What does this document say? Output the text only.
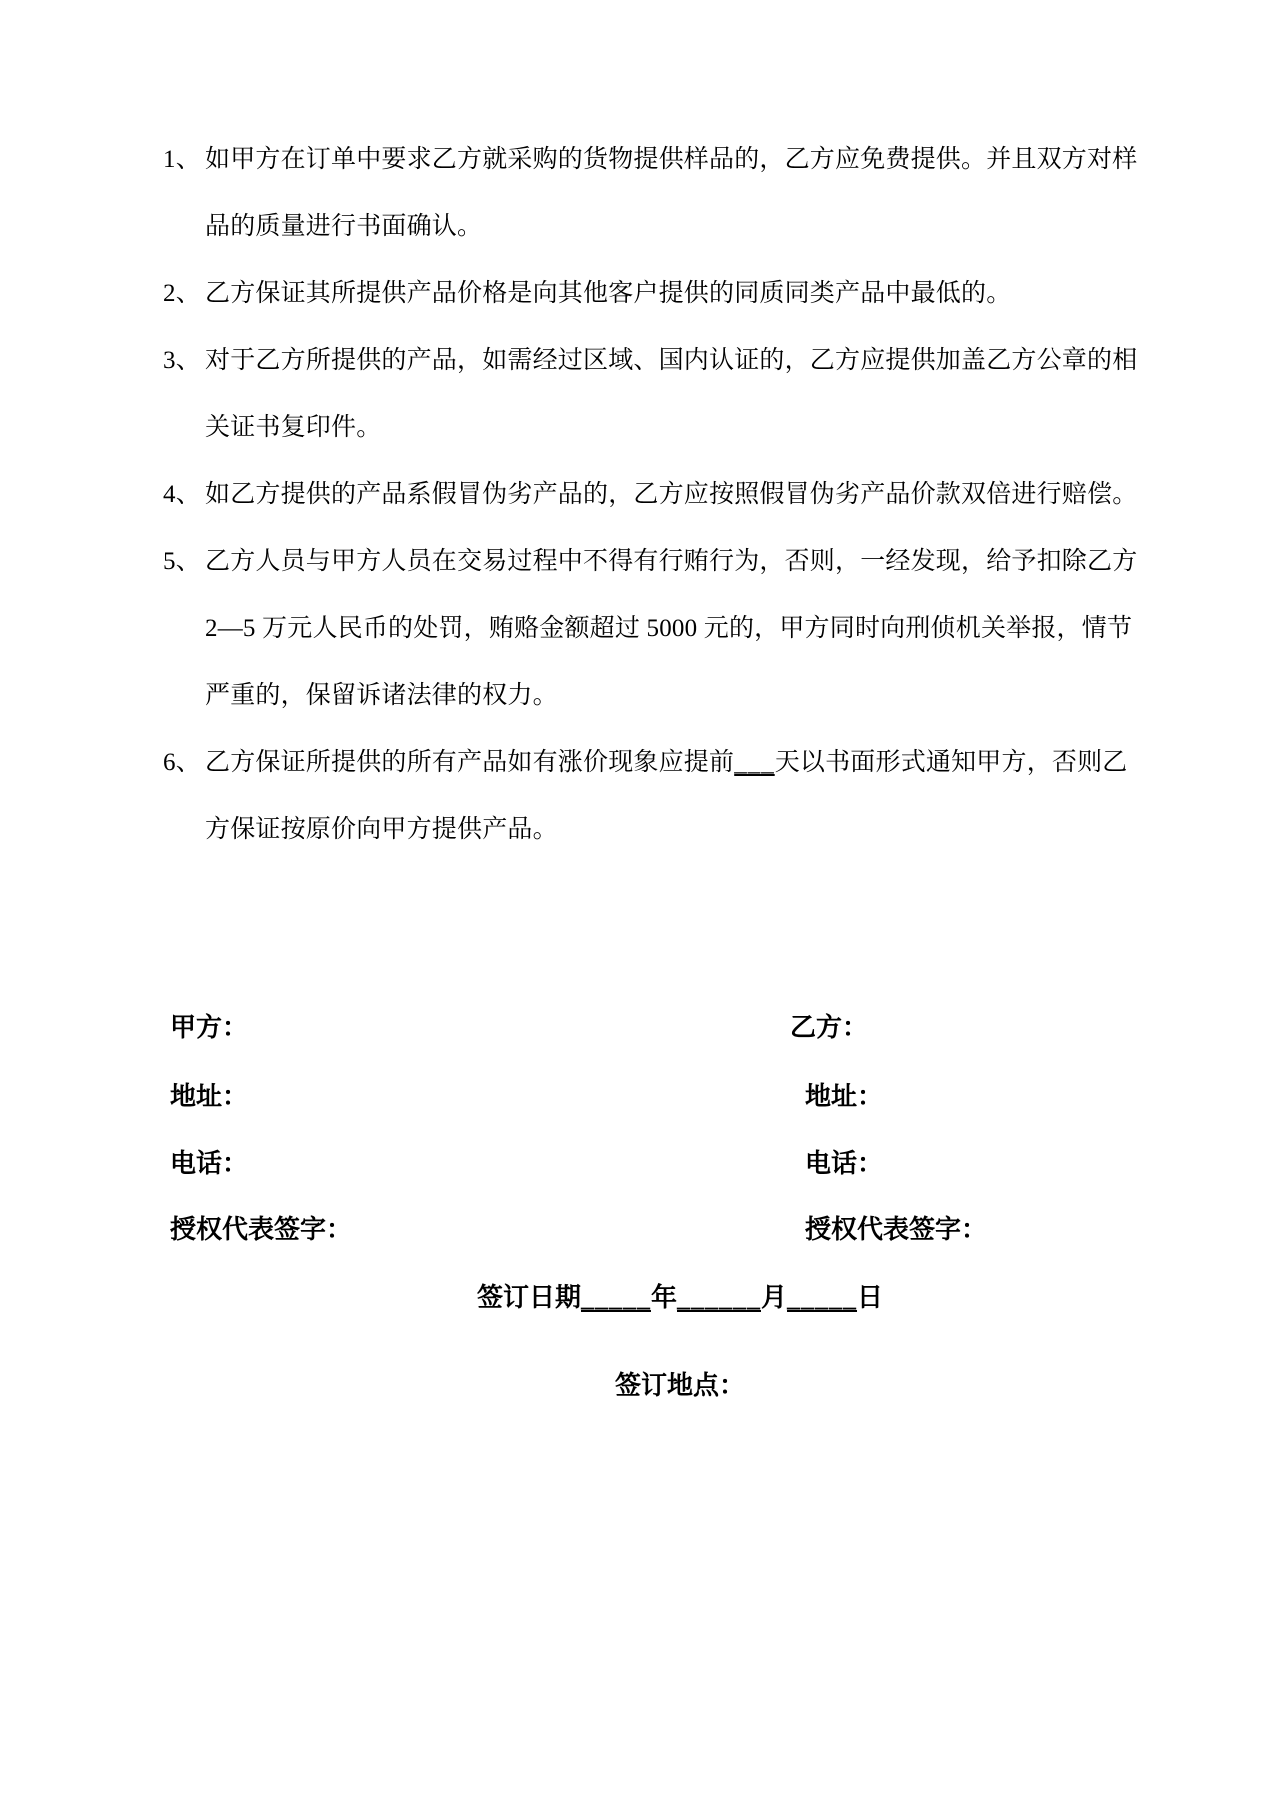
1、 如甲方在订单中要求乙方就采购的货物提供样品的，乙方应免费提供。并且双方对样
品的质量进行书面确认。
2、 乙方保证其所提供产品价格是向其他客户提供的同质同类产品中最低的。
3、 对于乙方所提供的产品，如需经过区域、国内认证的，乙方应提供加盖乙方公章的相
关证书复印件。
4、 如乙方提供的产品系假冒伪劣产品的，乙方应按照假冒伪劣产品价款双倍进行赔偿。
5、 乙方人员与甲方人员在交易过程中不得有行贿行为，否则，一经发现，给予扣除乙方
2—5 万元人民币的处罚，贿赂金额超过 5000 元的，甲方同时向刑侦机关举报，情节
严重的，保留诉诸法律的权力。
6、 乙方保证所提供的所有产品如有涨价现象应提前___天以书面形式通知甲方，否则乙
方保证按原价向甲方提供产品。
甲方：	乙方：
地址：	地址：
电话：	电话：
授权代表签字：	授权代表签字：
签订日期_____年______月_____日
签订地点：
